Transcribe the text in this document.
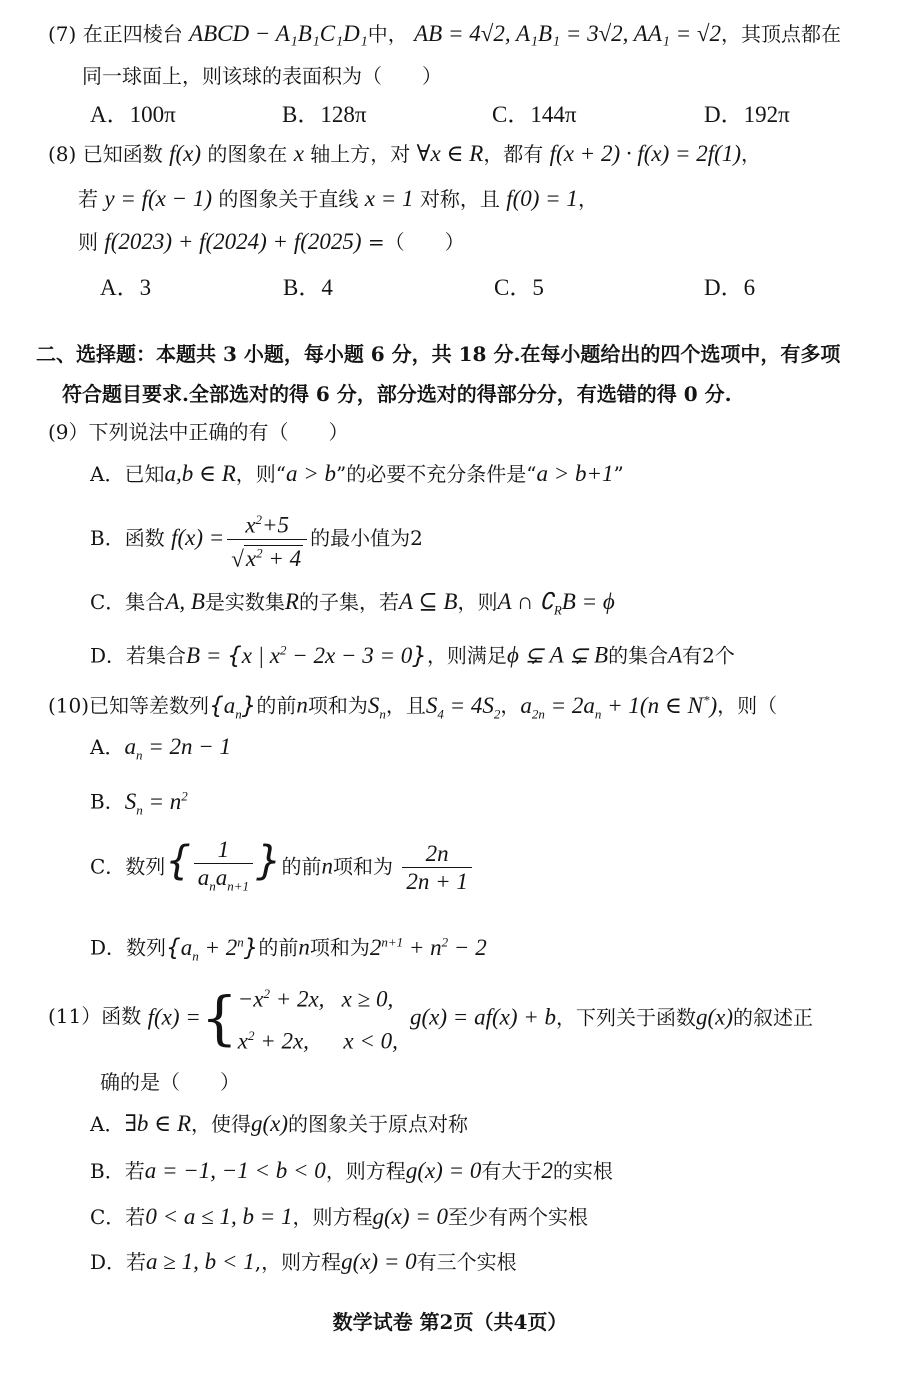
(7) 在正四棱台 ABCD − A₁B₁C₁D₁中， AB = 4√2, A₁B₁ = 3√2, AA₁ = √2，其顶点都在
同一球面上，则该球的表面积为（　　）
A．100π	B．128π	C．144π	D．192π
(8) 已知函数 f(x) 的图象在 x 轴上方，对 ∀x ∈ R，都有 f(x + 2) · f(x) = 2f(1)，
若 y = f(x − 1) 的图象关于直线 x = 1 对称，且 f(0) = 1，
则 f(2023) + f(2024) + f(2025) =（　　）
A．3	B．4	C．5	D．6
二、选择题：本题共 3 小题，每小题 6 分，共 18 分.在每小题给出的四个选项中，有多项
符合题目要求.全部选对的得 6 分，部分选对的得部分分，有选错的得 0 分.
(9）下列说法中正确的有（　　）
A．已知a,b ∈ R，则“a > b”的必要不充分条件是“a > b+1”
B．函数 $f(x) = \frac{x^2+5}{√x^2 + 4}$ 的最小值为2
C．集合A, B是实数集R的子集，若A ⊆ B，则A ∩ $∁_RB = \phi$
D．若集合B = {x | $x^2 - 2x - 3 = 0$}，则满足ϕ ⊊ A ⊊ B的集合A有2个
(10)已知等差数列$\{a_n\}$的前n项和为$S_n$，且$S_4 = 4S_2$，$a_{2n} = 2a_n + 1(n$ ∈ N*)，则（
A．$a_n = 2n - 1$
B．$S_n = n^2$
C．数列{ $\frac{1}{a_na_{n+1}}$ }的前n项和为 $\frac{2n}{2n + 1}$
D．数列$\{a_n + 2^n\}$的前n项和为$2^{n+1} + n^2 - 2$
(11）函数 f(x) ={ $-x^2 + 2x$,   x ≥ 0,
$x^2 + 2x$,      x < 0,
g(x) = af(x) + b，下列关于函数g(x)的叙述正
确的是（　　）
A．∃b ∈ R，使得g(x)的图象关于原点对称
B．若a = −1, −1 < b < 0，则方程g(x) = 0有大于2的实根
C．若0 < a ≤ 1, b = 1，则方程g(x) = 0至少有两个实根
D．若a ≥ 1, b < 1,，则方程g(x) = 0有三个实根
数学试卷 第2页（共4页）
